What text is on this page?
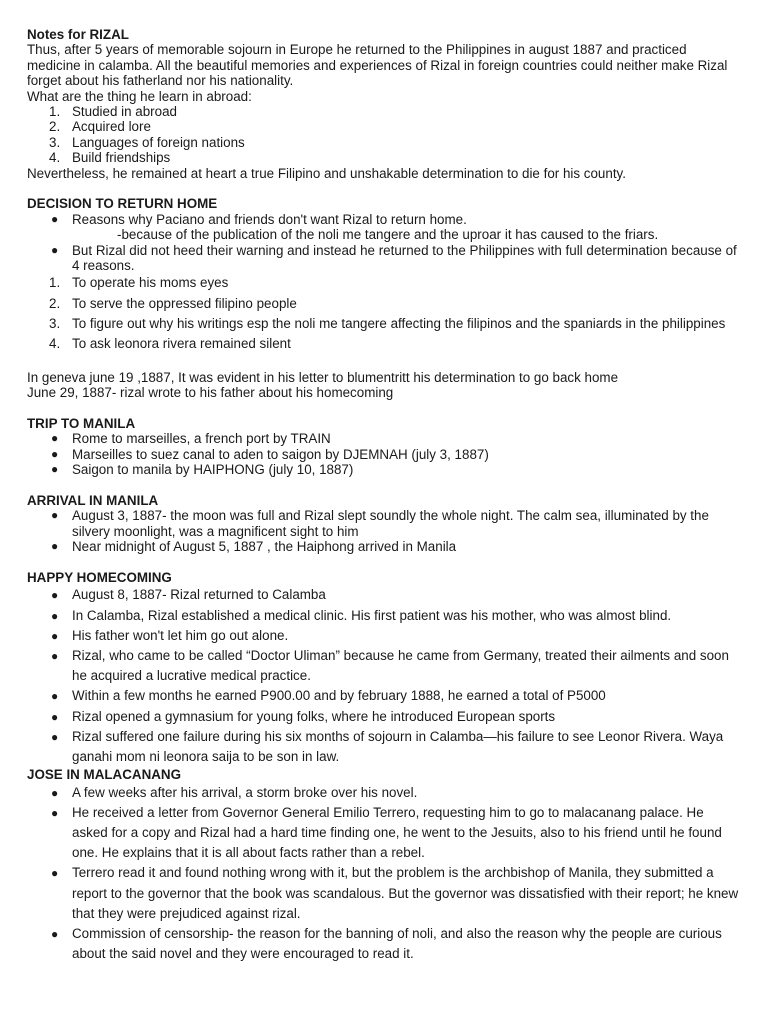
Notes for RIZAL

Thus, after 5 years of memorable sojourn in Europe he returned to the Philippines in august 1887 and practiced medicine in calamba. All the beautiful memories and experiences of Rizal in foreign countries could neither make Rizal forget about his fatherland nor his nationality.

What are the thing he learn in abroad:

1. Studied in abroad
2. Acquired lore
3. Languages of foreign nations
4. Build friendships

Nevertheless, he remained at heart a true Filipino and unshakable determination to die for his county.

DECISION TO RETURN HOME

● Reasons why Paciano and friends don't want Rizal to return home.

-because of the publication of the noli me tangere and the uproar it has caused to the friars.

● But Rizal did not heed their warning and instead he returned to the Philippines with full determination because of 4 reasons.
1. To operate his moms eyes
2. To serve the oppressed filipino people
3. To figure out why his writings esp the noli me tangere affecting the filipinos and the spaniards in the philippines
4. To ask leonora rivera remained silent

In geneva june 19 ,1887, It was evident in his letter to blumentritt his determination to go back home

June 29, 1887- rizal wrote to his father about his homecoming

TRIP TO MANILA

● Rome to marseilles, a french port by TRAIN
● Marseilles to suez canal to aden to saigon by DJEMNAH (july 3, 1887)
● Saigon to manila by HAIPHONG (july 10, 1887)

ARRIVAL IN MANILA

● August 3, 1887- the moon was full and Rizal slept soundly the whole night. The calm sea, illuminated by the silvery moonlight, was a magnificent sight to him
● Near midnight of August 5, 1887 , the Haiphong arrived in Manila

HAPPY HOMECOMING

● August 8, 1887- Rizal returned to Calamba
● In Calamba, Rizal established a medical clinic. His first patient was his mother, who was almost blind.
● His father won't let him go out alone.
● Rizal, who came to be called “Doctor Uliman” because he came from Germany, treated their ailments and soon he acquired a lucrative medical practice.
● Within a few months he earned P900.00 and by february 1888, he earned a total of P5000
● Rizal opened a gymnasium for young folks, where he introduced European sports
● Rizal suffered one failure during his six months of sojourn in Calamba—his failure to see Leonor Rivera. Waya ganahi mom ni leonora saija to be son in law.

JOSE IN MALACANANG

● A few weeks after his arrival, a storm broke over his novel.
● He received a letter from Governor General Emilio Terrero, requesting him to go to malacanang palace. He asked for a copy and Rizal had a hard time finding one, he went to the Jesuits, also to his friend until he found one. He explains that it is all about facts rather than a rebel.
● Terrero read it and found nothing wrong with it, but the problem is the archbishop of Manila, they submitted a report to the governor that the book was scandalous. But the governor was dissatisfied with their report; he knew that they were prejudiced against rizal.
● Commission of censorship- the reason for the banning of noli, and also the reason why the people are curious about the said novel and they were encouraged to read it.
